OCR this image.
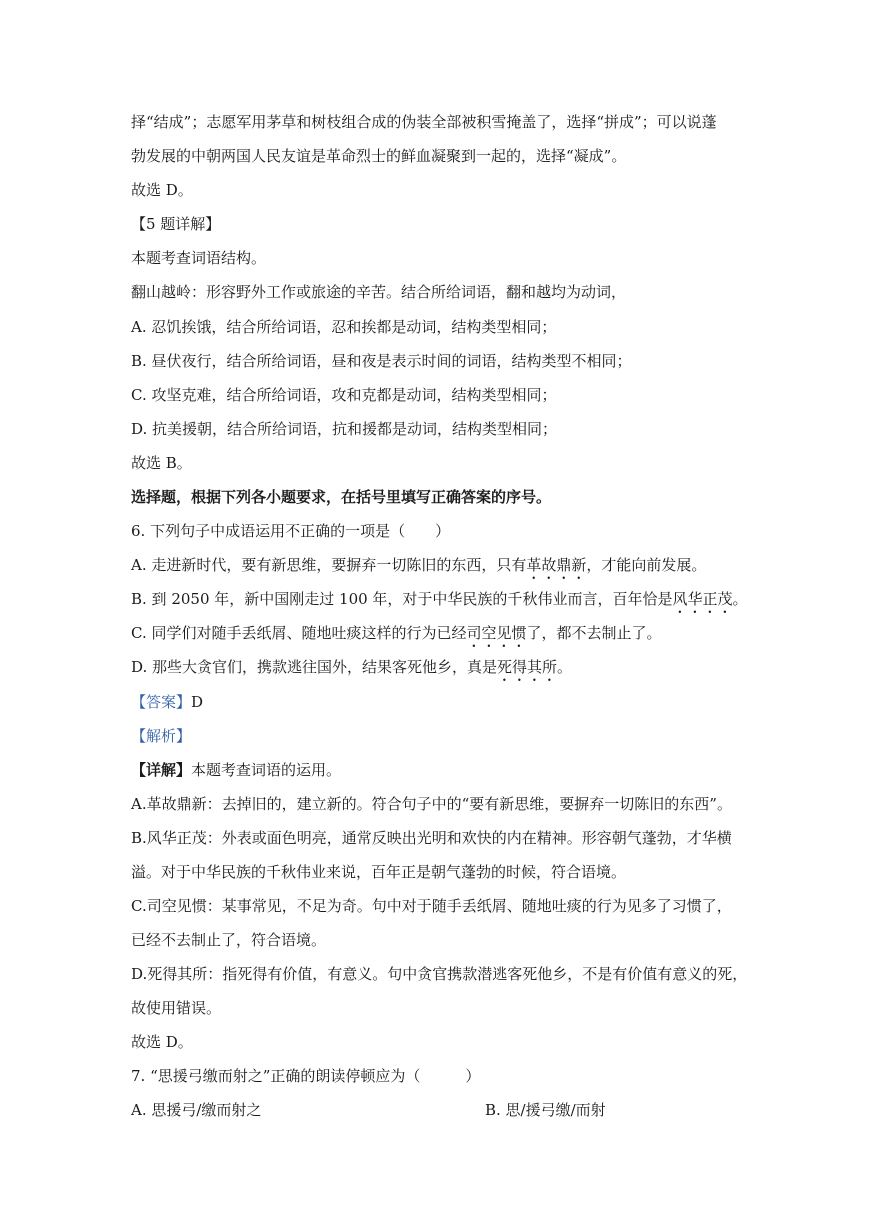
择“结成”；志愿军用茅草和树枝组合成的伪装全部被积雪掩盖了，选择“拼成”；可以说蓬
勃发展的中朝两国人民友谊是革命烈士的鲜血凝聚到一起的，选择“凝成”。
故选 D。
【5 题详解】
本题考查词语结构。
翻山越岭：形容野外工作或旅途的辛苦。结合所给词语，翻和越均为动词，
A. 忍饥挨饿，结合所给词语，忍和挨都是动词，结构类型相同；
B. 昼伏夜行，结合所给词语，昼和夜是表示时间的词语，结构类型不相同；
C. 攻坚克难，结合所给词语，攻和克都是动词，结构类型相同；
D. 抗美援朝，结合所给词语，抗和援都是动词，结构类型相同；
故选 B。
选择题，根据下列各小题要求，在括号里填写正确答案的序号。
6. 下列句子中成语运用不正确的一项是（　　）
A. 走进新时代，要有新思维，要摒弃一切陈旧的东西，只有革故鼎新，才能向前发展。
B. 到 2050 年，新中国刚走过 100 年，对于中华民族的千秋伟业而言，百年恰是风华正茂。
C. 同学们对随手丢纸屑、随地吐痰这样的行为已经司空见惯了，都不去制止了。
D. 那些大贪官们，携款逃往国外，结果客死他乡，真是死得其所。
【答案】D
【解析】
【详解】本题考查词语的运用。
A.革故鼎新：去掉旧的，建立新的。符合句子中的“要有新思维，要摒弃一切陈旧的东西”。
B.风华正茂：外表或面色明亮，通常反映出光明和欢快的内在精神。形容朝气蓬勃，才华横
溢。对于中华民族的千秋伟业来说，百年正是朝气蓬勃的时候，符合语境。
C.司空见惯：某事常见，不足为奇。句中对于随手丢纸屑、随地吐痰的行为见多了习惯了，
已经不去制止了，符合语境。
D.死得其所：指死得有价值，有意义。句中贪官携款潜逃客死他乡，不是有价值有意义的死，
故使用错误。
故选 D。
7. “思援弓缴而射之”正确的朗读停顿应为（　　　）
A. 思援弓/缴而射之	B. 思/援弓缴/而射
